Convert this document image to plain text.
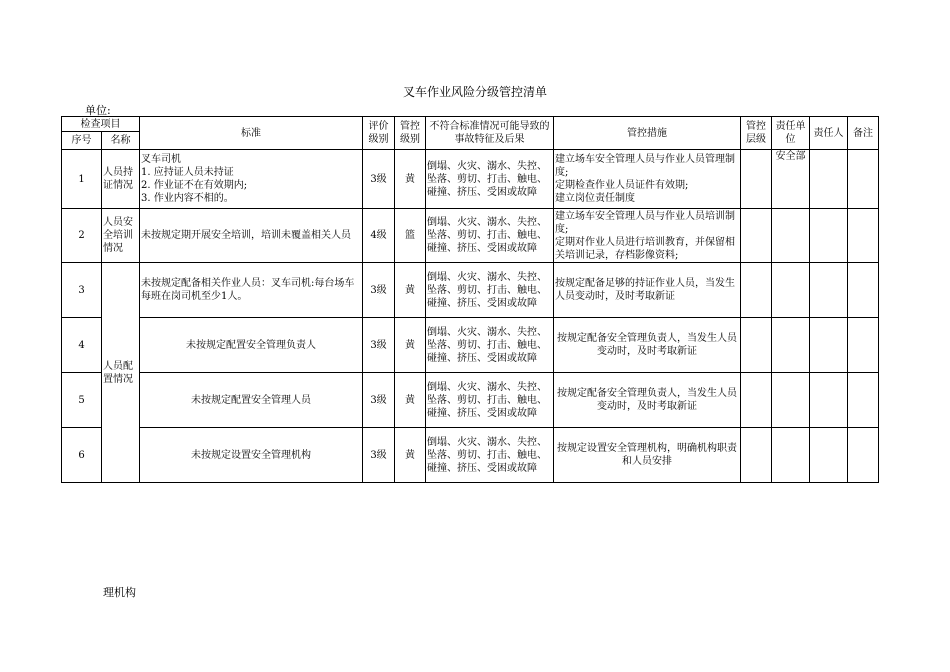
叉车作业风险分级管控清单
单位:
检查项目		标准	评价级别	管控级别	不符合标准情况可能导致的事故特征及后果	管控措施	管控层级	责任单位	责任人	备注
序号	名称									
1	人员持证情况	叉车司机
1. 应持证人员未持证
2. 作业证不在有效期内;
3. 作业内容不相的。	3级	黄	倒塌、火灾、溺水、失控、坠落、剪切、打击、触电、碰撞、挤压、受困或故障	建立场车安全管理人员与作业人员管理制度;
定期检查作业人员证件有效期;
建立岗位责任制度		安全部		
2	人员安全培训情况	未按规定期开展安全培训，培训未覆盖相关人员	4级	篮	倒塌、火灾、溺水、失控、坠落、剪切、打击、触电、碰撞、挤压、受困或故障	建立场车安全管理人员与作业人员培训制度;
定期对作业人员进行培训教育，并保留相关培训记录，存档影像资料;				
3	人员配置情况	未按规定配备相关作业人员：叉车司机:每台场车每班在岗司机至少1人。	3级	黄	倒塌、火灾、溺水、失控、坠落、剪切、打击、触电、碰撞、挤压、受困或故障	按规定配备足够的持证作业人员，当发生人员变动时，及时考取新证				
4		未按规定配置安全管理负责人	3级	黄	倒塌、火灾、溺水、失控、坠落、剪切、打击、触电、碰撞、挤压、受困或故障	按规定配备安全管理负责人，当发生人员变动时，及时考取新证				
5		未按规定配置安全管理人员	3级	黄	倒塌、火灾、溺水、失控、坠落、剪切、打击、触电、碰撞、挤压、受困或故障	按规定配备安全管理负责人，当发生人员变动时，及时考取新证				
6		未按规定设置安全管理机构	3级	黄	倒塌、火灾、溺水、失控、坠落、剪切、打击、触电、碰撞、挤压、受困或故障	按规定设置安全管理机构，明确机构职责和人员安排				
理机构
